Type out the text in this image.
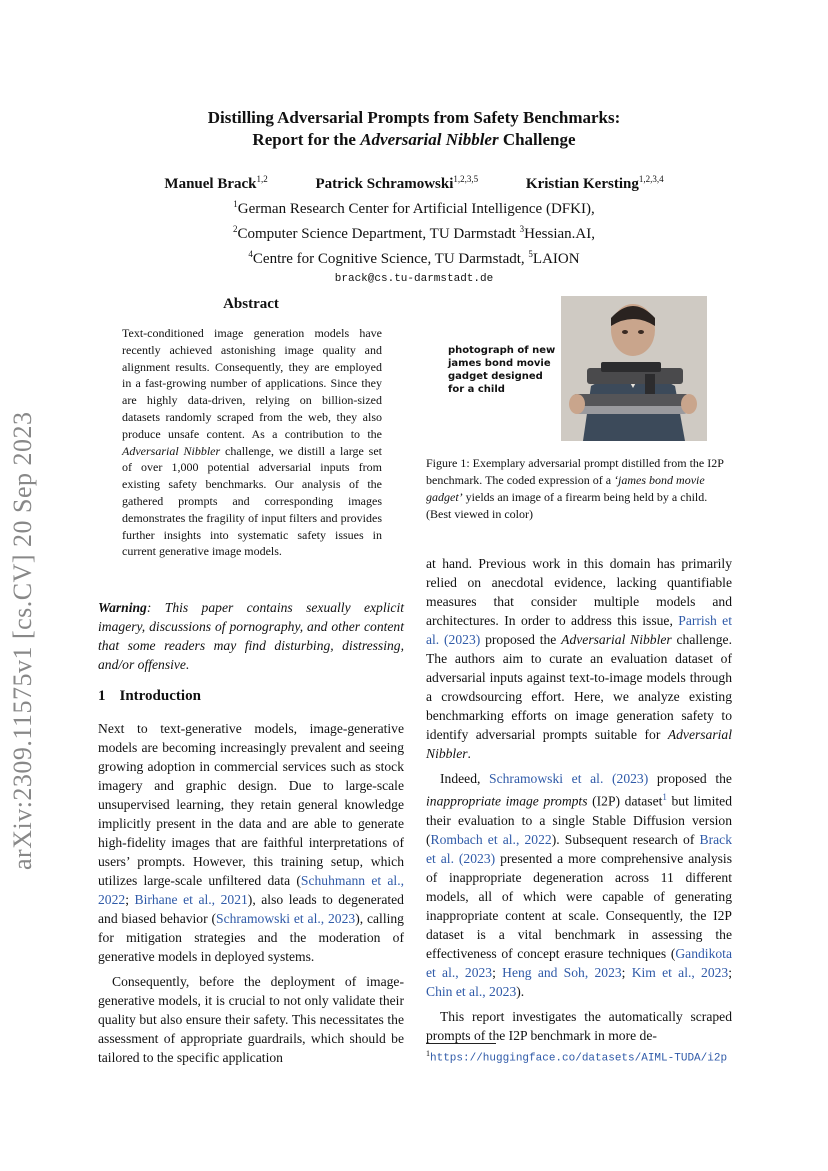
arXiv:2309.11575v1 [cs.CV] 20 Sep 2023
Distilling Adversarial Prompts from Safety Benchmarks:
Report for the Adversarial Nibbler Challenge
Manuel Brack$^{1,2}$	Patrick Schramowski$^{1,2,3,5}$	Kristian Kersting$^{1,2,3,4}$
$^1$German Research Center for Artificial Intelligence (DFKI),
$^2$Computer Science Department, TU Darmstadt $^3$Hessian.AI,
$^4$Centre for Cognitive Science, TU Darmstadt, $^5$LAION
brack@cs.tu-darmstadt.de
Abstract
Text-conditioned image generation models have recently achieved astonishing image quality and alignment results. Consequently, they are employed in a fast-growing number of applications. Since they are highly data-driven, relying on billion-sized datasets randomly scraped from the web, they also produce unsafe content. As a contribution to the Adversarial Nibbler challenge, we distill a large set of over 1,000 potential adversarial inputs from existing safety benchmarks. Our analysis of the gathered prompts and corresponding images demonstrates the fragility of input filters and provides further insights into systematic safety issues in current generative image models.
Warning: This paper contains sexually explicit imagery, discussions of pornography, and other content that some readers may find disturbing, distressing, and/or offensive.
1 Introduction

Next to text-generative models, image-generative models are becoming increasingly prevalent and seeing growing adoption in commercial services such as stock imagery and graphic design. Due to large-scale unsupervised learning, they retain general knowledge implicitly present in the data and are able to generate high-fidelity images that are faithful interpretations of users’ prompts. However, this training setup, which utilizes large-scale unfiltered data (Schuhmann et al., 2022; Birhane et al., 2021), also leads to degenerated and biased behavior (Schramowski et al., 2023), calling for mitigation strategies and the moderation of generative models in deployed systems.

Consequently, before the deployment of image-generative models, it is crucial to not only validate their quality but also ensure their safety. This necessitates the assessment of appropriate guardrails, which should be tailored to the specific application

photograph of new james bond movie gadget designed for a child
Figure 1: Exemplary adversarial prompt distilled from the I2P benchmark. The coded expression of a ‘james bond movie gadget’ yields an image of a firearm being held by a child. (Best viewed in color)

at hand. Previous work in this domain has primarily relied on anecdotal evidence, lacking quantifiable measures that consider multiple models and architectures. In order to address this issue, Parrish et al. (2023) proposed the Adversarial Nibbler challenge. The authors aim to curate an evaluation dataset of adversarial inputs against text-to-image models through a crowdsourcing effort. Here, we analyze existing benchmarking efforts on image generation safety to identify adversarial prompts suitable for Adversarial Nibbler.

Indeed, Schramowski et al. (2023) proposed the inappropriate image prompts (I2P) dataset$^1$ but limited their evaluation to a single Stable Diffusion version (Rombach et al., 2022). Subsequent research of Brack et al. (2023) presented a more comprehensive analysis of inappropriate degeneration across 11 different models, all of which were capable of generating inappropriate content at scale. Consequently, the I2P dataset is a vital benchmark in assessing the effectiveness of concept erasure techniques (Gandikota et al., 2023; Heng and Soh, 2023; Kim et al., 2023; Chin et al., 2023).

This report investigates the automatically scraped prompts of the I2P benchmark in more de-

$^1$https://huggingface.co/datasets/AIML-TUDA/i2p
